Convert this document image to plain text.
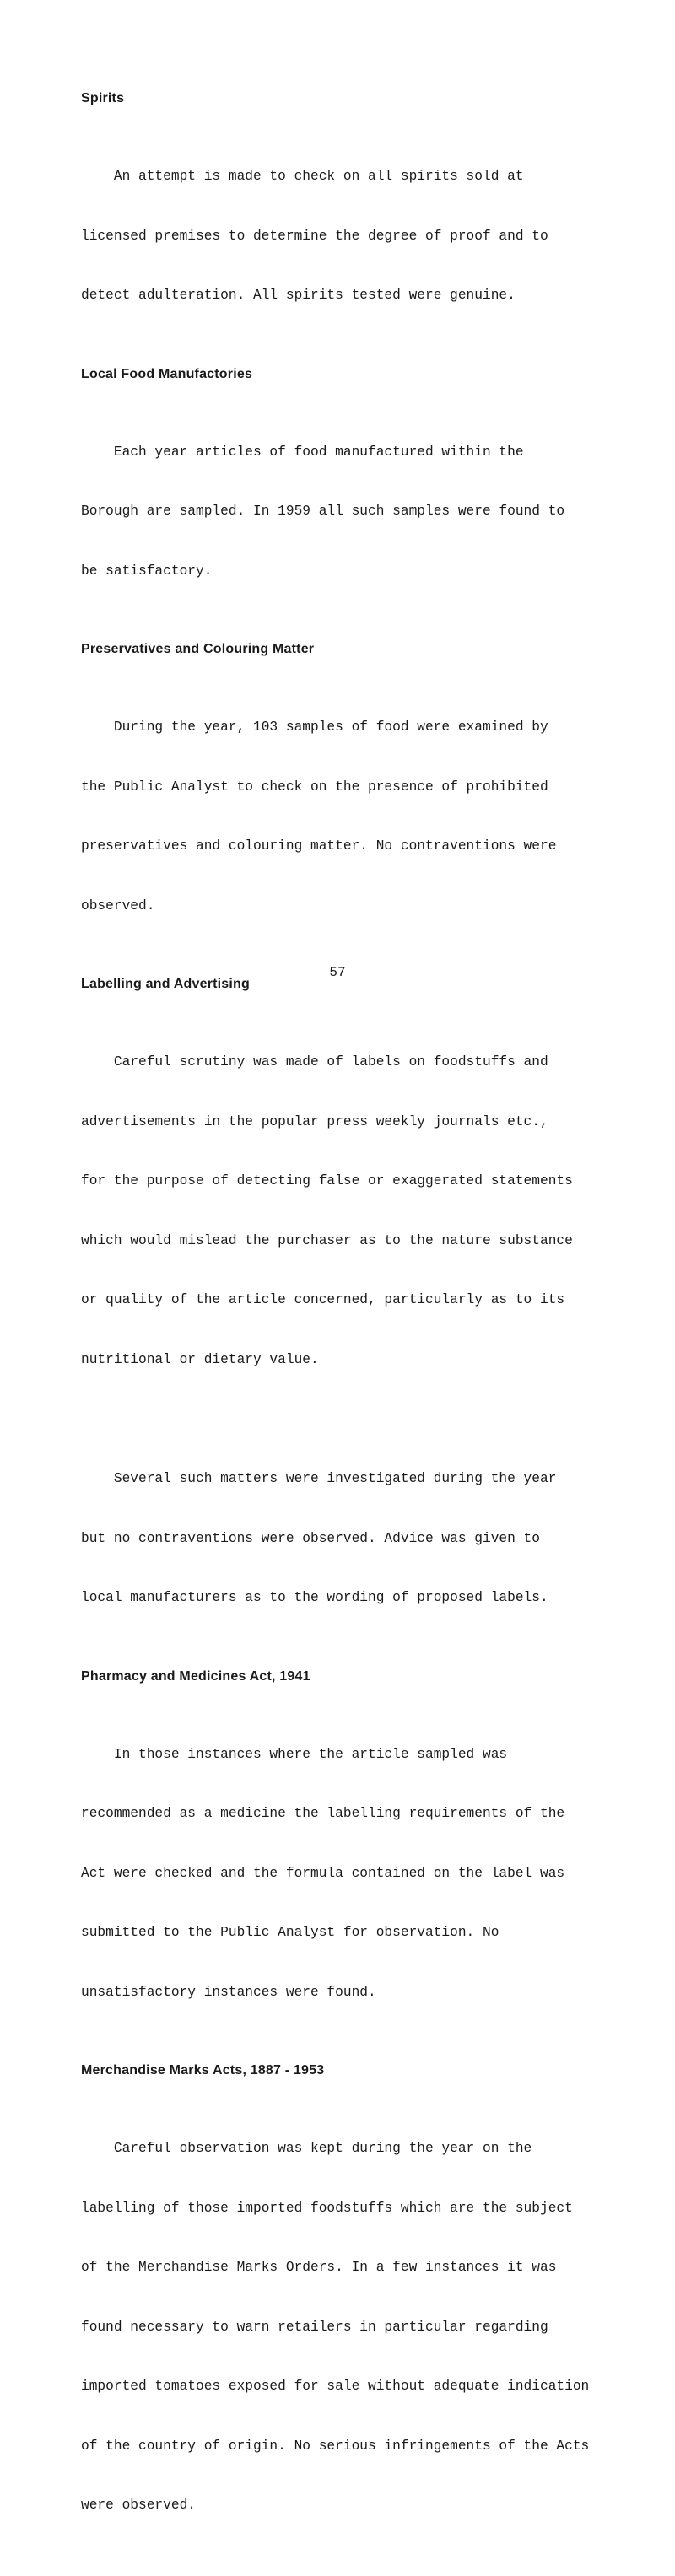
Spirits

An attempt is made to check on all spirits sold at

licensed premises to determine the degree of proof and to

detect adulteration. All spirits tested were genuine.

Local Food Manufactories

Each year articles of food manufactured within the

Borough are sampled. In 1959 all such samples were found to

be satisfactory.

Preservatives and Colouring Matter

During the year, 103 samples of food were examined by

the Public Analyst to check on the presence of prohibited

preservatives and colouring matter. No contraventions were

observed.

Labelling and Advertising

Careful scrutiny was made of labels on foodstuffs and

advertisements in the popular press weekly journals etc.,

for the purpose of detecting false or exaggerated statements

which would mislead the purchaser as to the nature substance

or quality of the article concerned, particularly as to its

nutritional or dietary value.

Several such matters were investigated during the year

but no contraventions were observed. Advice was given to

local manufacturers as to the wording of proposed labels.

Pharmacy and Medicines Act, 1941

In those instances where the article sampled was

recommended as a medicine the labelling requirements of the

Act were checked and the formula contained on the label was

submitted to the Public Analyst for observation. No

unsatisfactory instances were found.

Merchandise Marks Acts, 1887 - 1953

Careful observation was kept during the year on the

labelling of those imported foodstuffs which are the subject

of the Merchandise Marks Orders. In a few instances it was

found necessary to warn retailers in particular regarding

imported tomatoes exposed for sale without adequate indication

of the country of origin. No serious infringements of the Acts

were observed.

57
